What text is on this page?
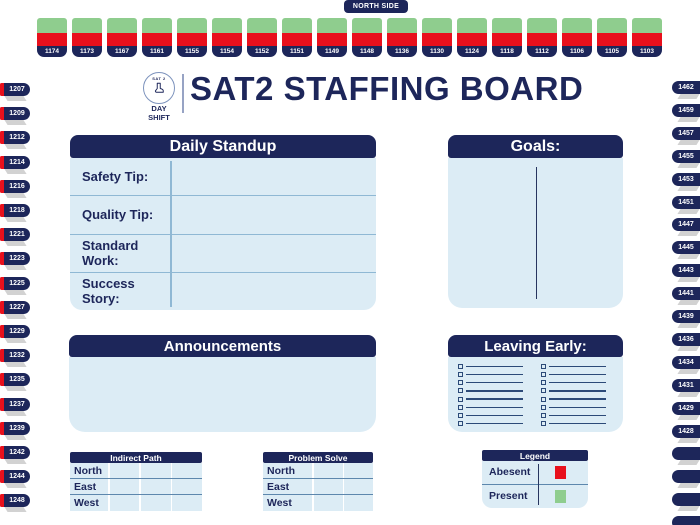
NORTH SIDE
1174	1173	1167	1161	1155	1154	1152	1151	1149	1148	1136	1130	1124	1118	1112	1106	1105	1103
1207
1209
1212
1214
1216
1218
1221
1223
1225
1227
1229
1232
1235
1237
1239
1242
1244
1248
1462
1459
1457
1455
1453
1451
1447
1445
1443
1441
1439
1436
1434
1431
1429
1428
SAT 2
DAY
SHIFT
SAT2 STAFFING BOARD
Daily Standup
Safety Tip:
Quality Tip:
Standard Work:
Success Story:
Goals:
Announcements	Leaving Early:
Indirect Path
North
East
West
Problem Solve
North
East
West
Legend
Abesent
Present
